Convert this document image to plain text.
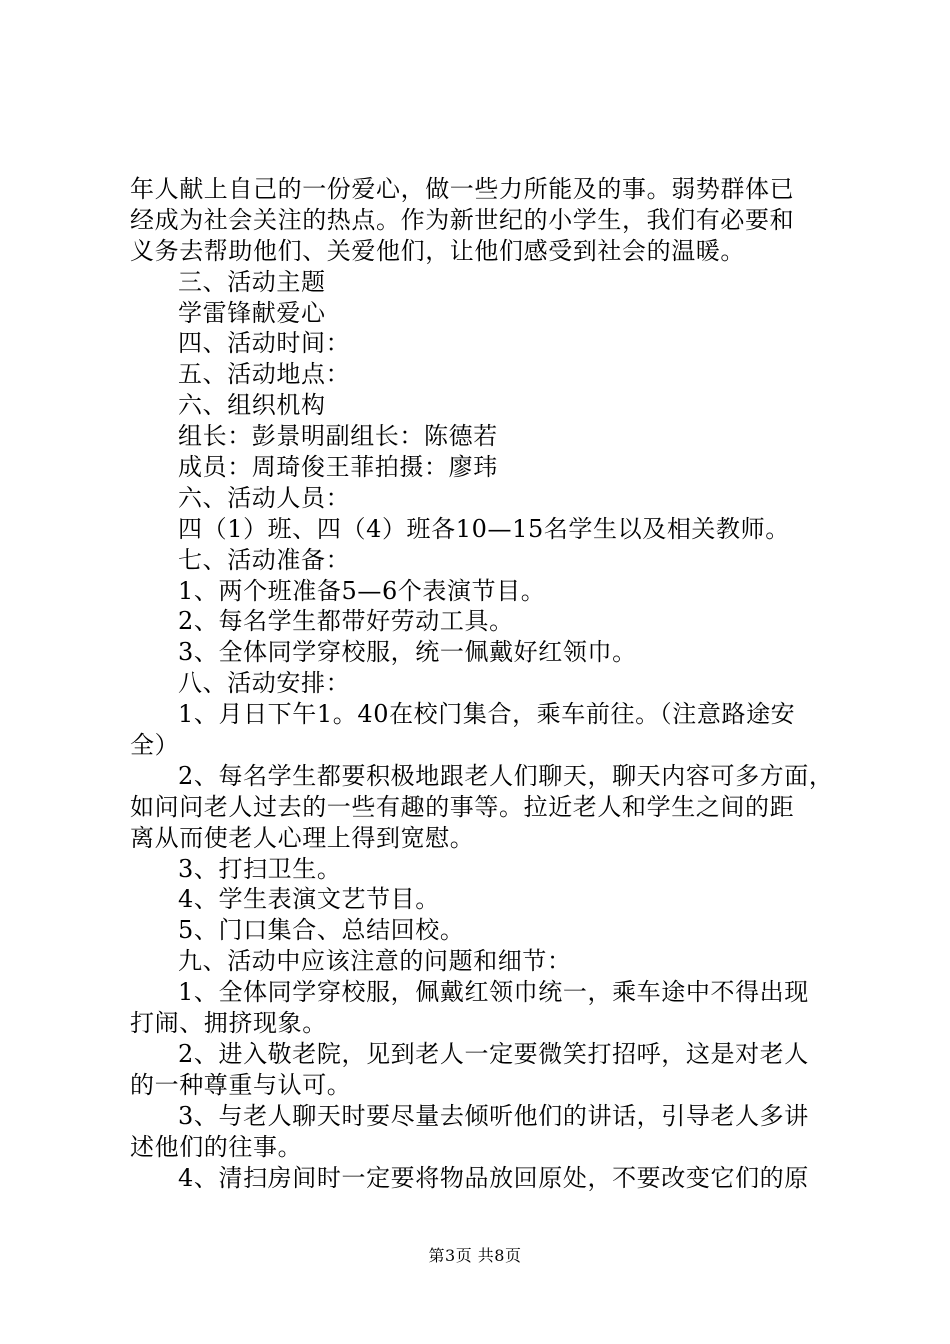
年人献上自己的一份爱心，做一些力所能及的事。弱势群体已
经成为社会关注的热点。作为新世纪的小学生，我们有必要和
义务去帮助他们、关爱他们，让他们感受到社会的温暖。
三、活动主题
学雷锋献爱心
四、活动时间：
五、活动地点：
六、组织机构
组长：彭景明副组长：陈德若
成员：周琦俊王菲拍摄：廖玮
六、活动人员：
四（1）班、四（4）班各10—15名学生以及相关教师。
七、活动准备：
1、两个班准备5—6个表演节目。
2、每名学生都带好劳动工具。
3、全体同学穿校服，统一佩戴好红领巾。
八、活动安排：
1、月日下午1。40在校门集合，乘车前往。（注意路途安
全）
2、每名学生都要积极地跟老人们聊天，聊天内容可多方面，
如问问老人过去的一些有趣的事等。拉近老人和学生之间的距
离从而使老人心理上得到宽慰。
3、打扫卫生。
4、学生表演文艺节目。
5、门口集合、总结回校。
九、活动中应该注意的问题和细节：
1、全体同学穿校服，佩戴红领巾统一，乘车途中不得出现
打闹、拥挤现象。
2、进入敬老院，见到老人一定要微笑打招呼，这是对老人
的一种尊重与认可。
3、与老人聊天时要尽量去倾听他们的讲话，引导老人多讲
述他们的往事。
4、清扫房间时一定要将物品放回原处，不要改变它们的原
第3页 共8页
